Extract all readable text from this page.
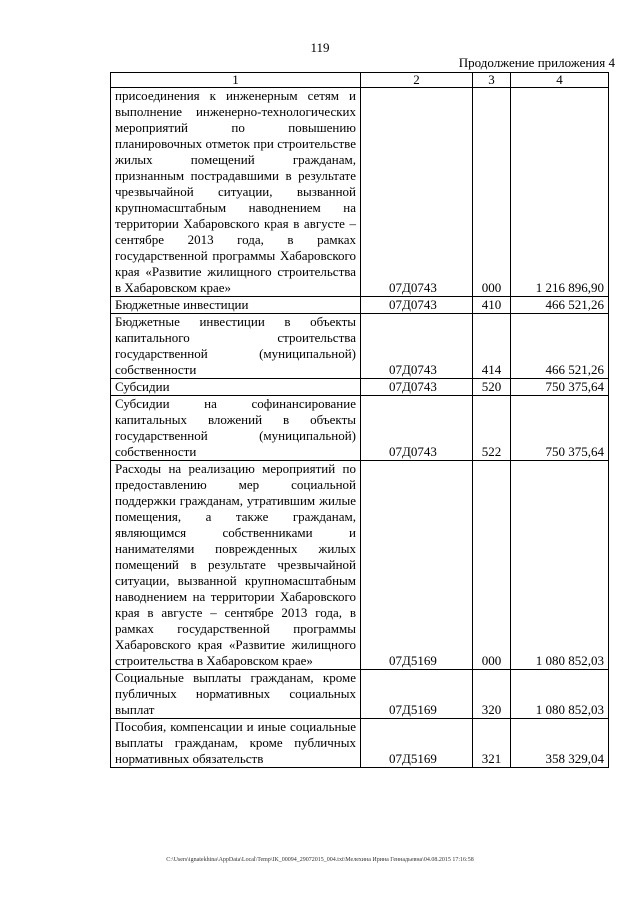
119
Продолжение приложения 4
1	2	3	4
присоединения к инженерным сетям и выполнение инженерно-технологических мероприятий по повышению планировочных отметок при строительстве жилых помещений гражданам, признанным пострадавшими в результате чрезвычайной ситуации, вызванной крупномасштабным наводнением на территории Хабаровского края в августе – сентябре 2013 года, в рамках государственной программы Хабаровского края «Развитие жилищного строительства в Хабаровском крае»	07Д0743	000	1 216 896,90
Бюджетные инвестиции	07Д0743	410	466 521,26
Бюджетные инвестиции в объекты капитального строительства государственной (муниципальной) собственности	07Д0743	414	466 521,26
Субсидии	07Д0743	520	750 375,64
Субсидии на софинансирование капитальных вложений в объекты государственной (муниципальной) собственности	07Д0743	522	750 375,64
Расходы на реализацию мероприятий по предоставлению мер социальной поддержки гражданам, утратившим жилые помещения, а также гражданам, являющимся собственниками и нанимателями поврежденных жилых помещений в результате чрезвычайной ситуации, вызванной крупномасштабным наводнением на территории Хабаровского края в августе – сентябре 2013 года, в рамках государственной программы Хабаровского края «Развитие жилищного строительства в Хабаровском крае»	07Д5169	000	1 080 852,03
Социальные выплаты гражданам, кроме публичных нормативных социальных выплат	07Д5169	320	1 080 852,03
Пособия, компенсации и иные социальные выплаты гражданам, кроме публичных нормативных обязательств	07Д5169	321	358 329,04
C:\Users\ignatekhina\AppData\Local\Temp\IK_00094_29072015_004.txt\Мелехина Ирина Геннадьевна\04.08.2015 17:16:58
